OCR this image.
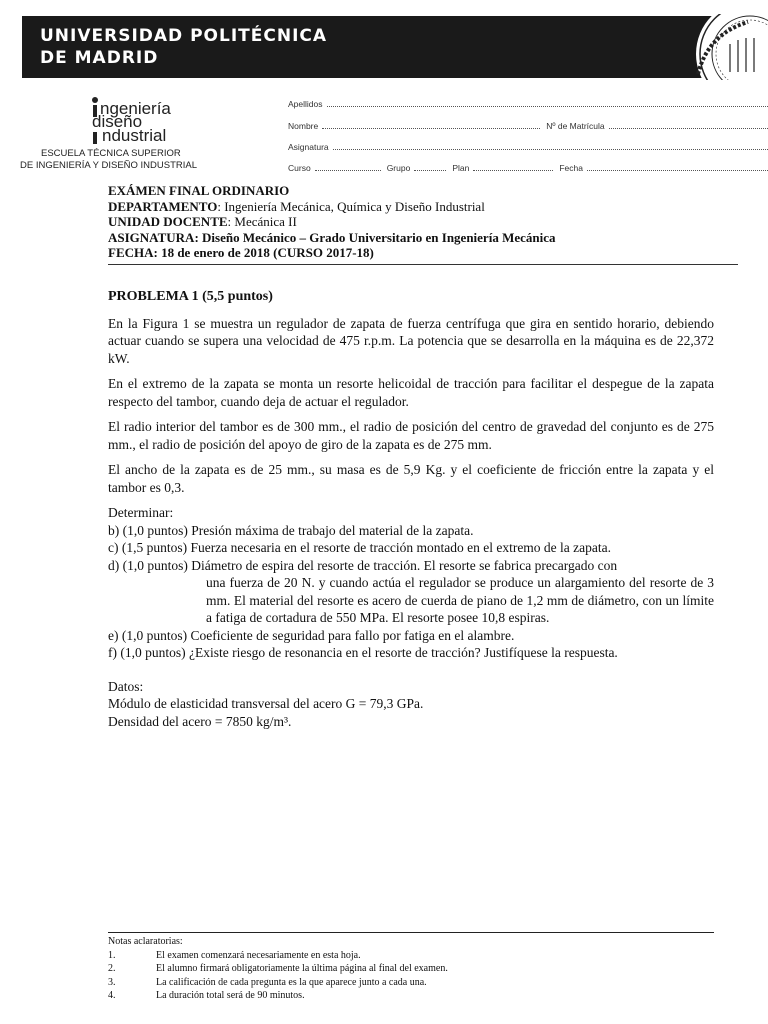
UNIVERSIDAD POLITÉCNICA
DE MADRID
ngeniería
diseño
ndustrial
ESCUELA TÉCNICA SUPERIOR
DE INGENIERÍA Y DISEÑO INDUSTRIAL
Apellidos
Nombre	Nº de Matrícula
Asignatura
Curso	Grupo	Plan	Fecha
EXÁMEN FINAL ORDINARIO
DEPARTAMENTO: Ingeniería Mecánica, Química y Diseño Industrial
UNIDAD DOCENTE: Mecánica II
ASIGNATURA: Diseño Mecánico – Grado Universitario en Ingeniería Mecánica
FECHA: 18 de enero de 2018 (CURSO 2017-18)
PROBLEMA 1 (5,5 puntos)

En la Figura 1 se muestra un regulador de zapata de fuerza centrífuga que gira en sentido horario, debiendo actuar cuando se supera una velocidad de 475 r.p.m. La potencia que se desarrolla en la máquina es de 22,372 kW.

En el extremo de la zapata se monta un resorte helicoidal de tracción para facilitar el despegue de la zapata respecto del tambor, cuando deja de actuar el regulador.

El radio interior del tambor es de 300 mm., el radio de posición del centro de gravedad del conjunto es de 275 mm., el radio de posición del apoyo de giro de la zapata es de 275 mm.

El ancho de la zapata es de 25 mm., su masa es de 5,9 Kg. y el coeficiente de fricción entre la zapata y el tambor es 0,3.

Determinar:
b) (1,0 puntos) Presión máxima de trabajo del material de la zapata.
c) (1,5 puntos) Fuerza necesaria en el resorte de tracción montado en el extremo de la zapata.
d) (1,0 puntos) Diámetro de espira del resorte de tracción. El resorte se fabrica precargado con
una fuerza de 20 N. y cuando actúa el regulador se produce un alargamiento del resorte de 3 mm. El material del resorte es acero de cuerda de piano de 1,2 mm de diámetro, con un límite a fatiga de cortadura de 550 MPa. El resorte posee 10,8 espiras.
e) (1,0 puntos) Coeficiente de seguridad para fallo por fatiga en el alambre.
f) (1,0 puntos) ¿Existe riesgo de resonancia en el resorte de tracción? Justifíquese la respuesta.
Datos:
Módulo de elasticidad transversal del acero G = 79,3 GPa.
Densidad del acero = 7850 kg/m³.
Notas aclaratorias:
1.	El examen comenzará necesariamente en esta hoja.
2.	El alumno firmará obligatoriamente la última página al final del examen.
3.	La calificación de cada pregunta es la que aparece junto a cada una.
4.	La duración total será de 90 minutos.
